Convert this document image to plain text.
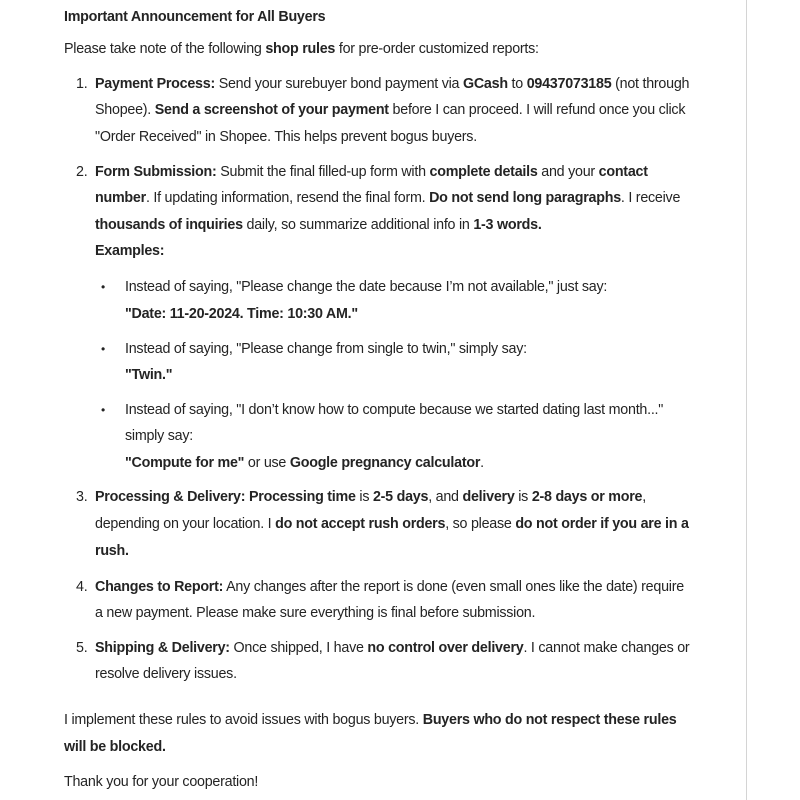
Important Announcement for All Buyers
Please take note of the following shop rules for pre-order customized reports:
1. Payment Process: Send your surebuyer bond payment via GCash to 09437073185 (not through
Shopee). Send a screenshot of your payment before I can proceed. I will refund once you click
"Order Received" in Shopee. This helps prevent bogus buyers.
2. Form Submission: Submit the final filled-up form with complete details and your contact
number. If updating information, resend the final form. Do not send long paragraphs. I receive
thousands of inquiries daily, so summarize additional info in 1-3 words.
Examples:
• Instead of saying, "Please change the date because I’m not available," just say:
"Date: 11-20-2024. Time: 10:30 AM."
• Instead of saying, "Please change from single to twin," simply say:
"Twin."
• Instead of saying, "I don’t know how to compute because we started dating last month..."
simply say:
"Compute for me" or use Google pregnancy calculator.
3. Processing & Delivery: Processing time is 2-5 days, and delivery is 2-8 days or more,
depending on your location. I do not accept rush orders, so please do not order if you are in a
rush.
4. Changes to Report: Any changes after the report is done (even small ones like the date) require
a new payment. Please make sure everything is final before submission.
5. Shipping & Delivery: Once shipped, I have no control over delivery. I cannot make changes or
resolve delivery issues.
I implement these rules to avoid issues with bogus buyers. Buyers who do not respect these rules
will be blocked.
Thank you for your cooperation!
